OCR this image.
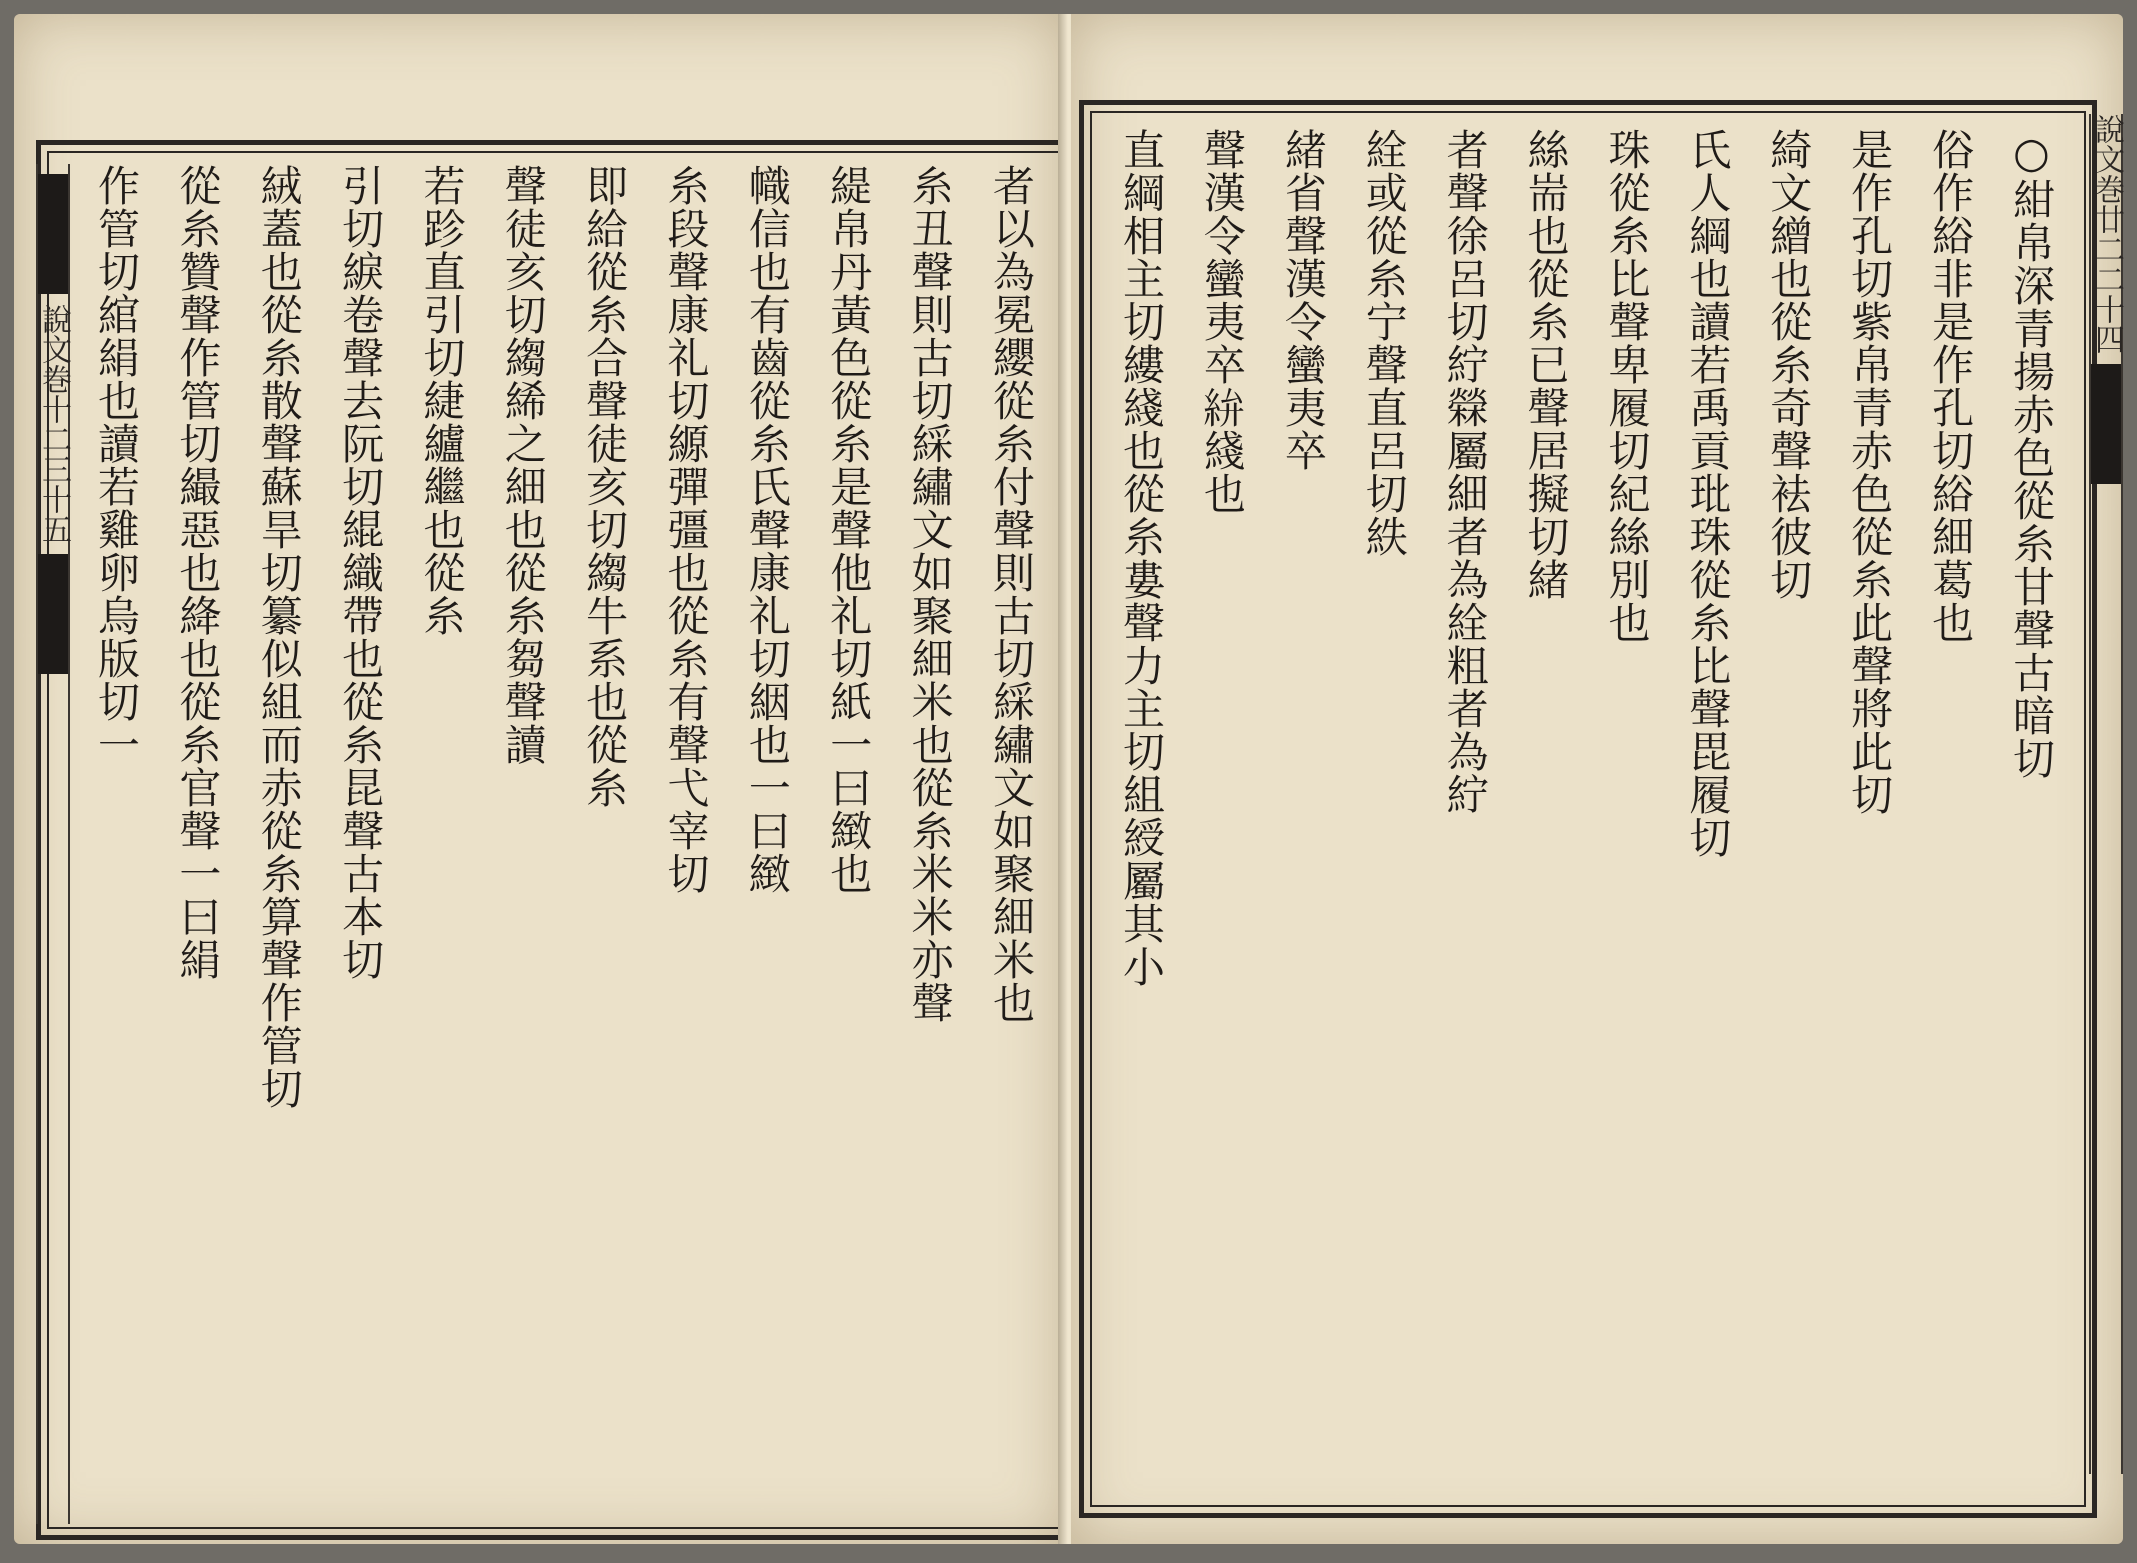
說文巻十二
三十五	者以為冕纓從糸付聲則古切綵繡文如聚細米也
糸丑聲則古切綵繡文如聚細米也從糸米米亦聲
緹帛丹黃色從糸是聲他礼切紙一曰緻也
幟信也有齒從糸氏聲康礼切絪也一曰緻
糸段聲康礼切縓彈彊也從糸有聲弋宰切
即給從糸合聲徒亥切縐牛系也從糸
聲徒亥切縐絺之細也從糸芻聲讀
若跈直引切緁纑繼也從糸
引切綟卷聲去阮切緄織帶也從糸昆聲古本切
絨蓋也從糸散聲蘇旱切纂似組而赤從糸算聲作管切
從糸贊聲作管切繓惡也絳也從糸官聲一曰絹
作管切綰絹也讀若雞卵烏版切一	說文巻廿二
二十四
○紺帛深青揚赤色從糸甘聲古暗切
俗作綌非是作孔切綌細葛也
是作孔切紫帛青赤色從糸此聲將此切
綺文繒也從糸奇聲袪彼切
氏人綱也讀若禹貢玭珠從糸比聲毘履切
珠從糸比聲卑履切紀絲別也
絲耑也從糸已聲居擬切緒
者聲徐呂切紵檾屬細者為絟粗者為紵
絟或從糸宁聲直呂切紩
緒省聲漢令蠻夷卒
聲漢令蠻夷卒𥿋綫也
直綱相主切縷綫也從糸婁聲力主切組綬屬其小
